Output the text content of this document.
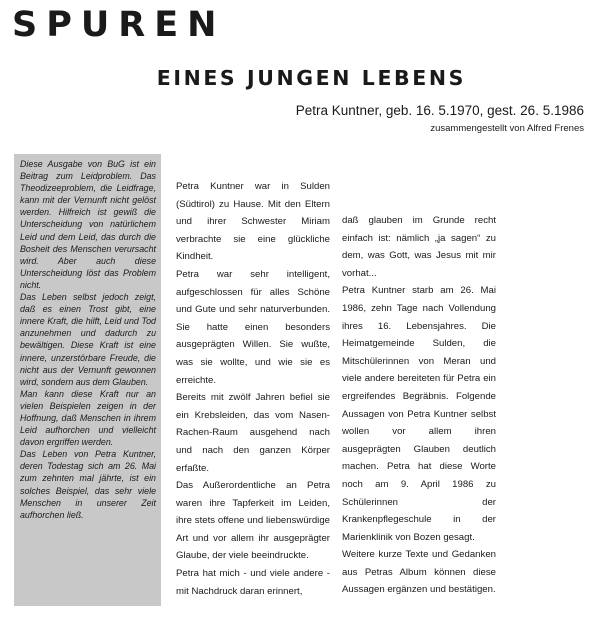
SPUREN
EINES JUNGEN LEBENS

Petra Kuntner, geb. 16. 5.1970, gest. 26. 5.1986

zusammengestellt von Alfred Frenes

Diese Ausgabe von BuG ist ein Beitrag zum Leidproblem. Das Theodizeeproblem, die Leidfrage, kann mit der Vernunft nicht gelöst werden. Hilfreich ist gewiß die Unterscheidung von natürlichem Leid und dem Leid, das durch die Bosheit des Menschen verursacht wird. Aber auch diese Unterscheidung löst das Problem nicht.

Das Leben selbst jedoch zeigt, daß es einen Trost gibt, eine innere Kraft, die hilft, Leid und Tod anzunehmen und dadurch zu bewältigen. Diese Kraft ist eine innere, unzerstörbare Freude, die nicht aus der Vernunft gewonnen wird, sondern aus dem Glauben.

Man kann diese Kraft nur an vielen Beispielen zeigen in der Hoffnung, daß Menschen in ihrem Leid aufhorchen und vielleicht davon ergriffen werden.

Das Leben von Petra Kuntner, deren Todestag sich am 26. Mai zum zehnten mal jährte, ist ein solches Beispiel, das sehr viele Menschen in unserer Zeit aufhorchen ließ.

Petra Kuntner war in Sulden (Südtirol) zu Hause. Mit den Eltern und ihrer Schwester Miriam verbrachte sie eine glückliche Kindheit.

Petra war sehr intelligent, aufgeschlossen für alles Schöne und Gute und sehr naturverbunden. Sie hatte einen besonders ausgeprägten Willen. Sie wußte, was sie wollte, und wie sie es erreichte.

Bereits mit zwölf Jahren befiel sie ein Krebsleiden, das vom Nasen-Rachen-Raum ausgehend nach und nach den ganzen Körper erfaßte.

Das Außerordentliche an Petra waren ihre Tapferkeit im Leiden, ihre stets offene und liebenswürdige Art und vor allem ihr ausgeprägter Glaube, der viele beeindruckte.

Petra hat mich - und viele andere - mit Nachdruck daran erinnert,

daß glauben im Grunde recht einfach ist: nämlich „ja sagen“ zu dem, was Gott, was Jesus mit mir vorhat...

Petra Kuntner starb am 26. Mai 1986, zehn Tage nach Vollendung ihres 16. Lebensjahres. Die Heimatgemeinde Sulden, die Mitschülerinnen von Meran und viele andere bereiteten für Petra ein ergreifendes Begräbnis. Folgende Aussagen von Petra Kuntner selbst wollen vor allem ihren ausgeprägten Glauben deutlich machen. Petra hat diese Worte noch am 9. April 1986 zu Schülerinnen der Krankenpflegeschule in der Marienklinik von Bozen gesagt.

Weitere kurze Texte und Gedanken aus Petras Album können diese Aussagen ergänzen und bestätigen.
